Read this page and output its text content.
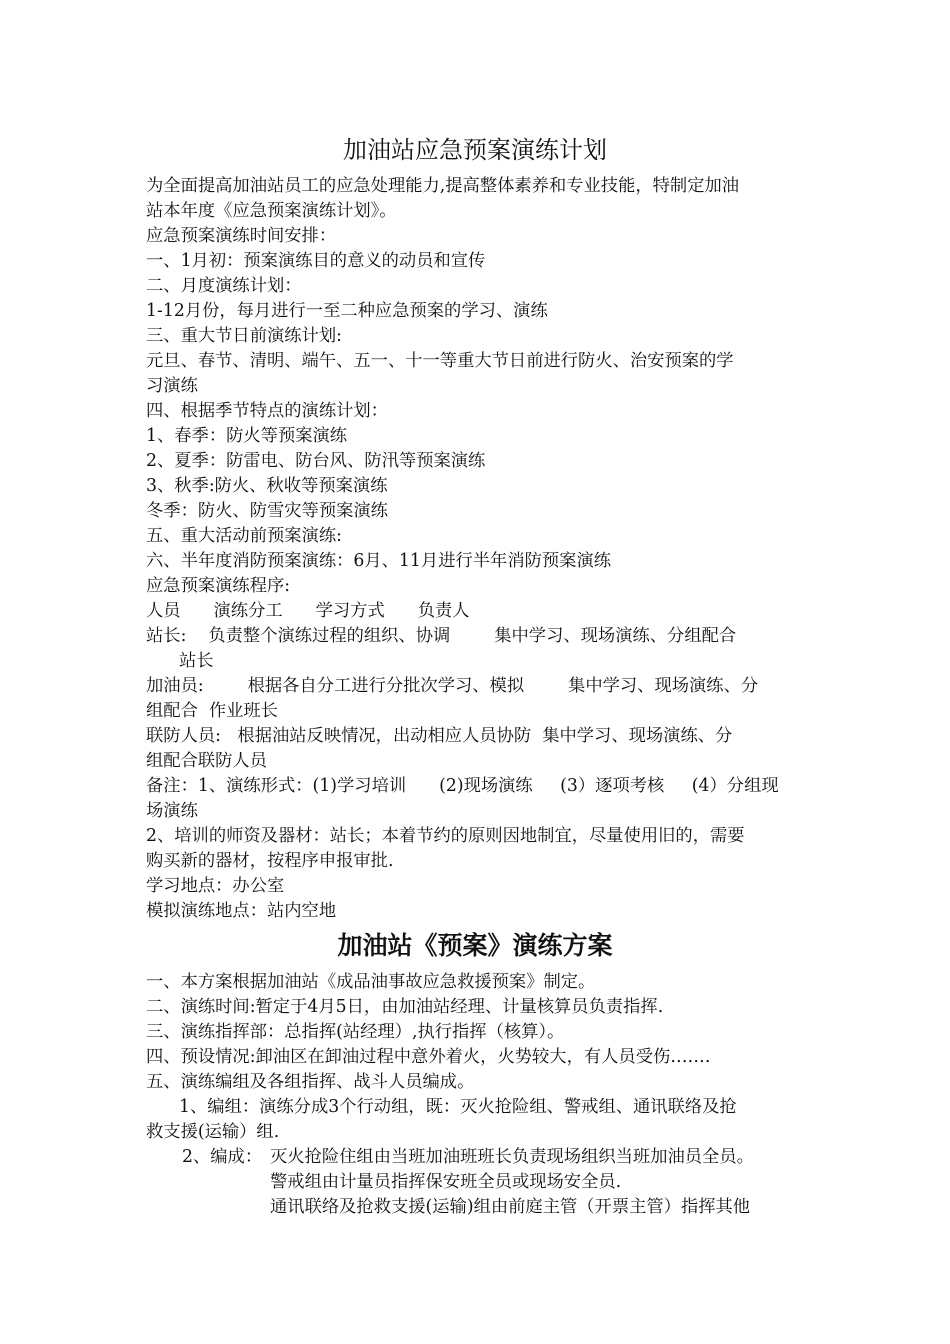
加油站应急预案演练计划

为全面提高加油站员工的应急处理能力,提高整体素养和专业技能，特制定加油

站本年度《应急预案演练计划》。

应急预案演练时间安排：

一、1月初：预案演练目的意义的动员和宣传

二、月度演练计划：

1-12月份，每月进行一至二种应急预案的学习、演练

三、重大节日前演练计划:

元旦、春节、清明、端午、五一、十一等重大节日前进行防火、治安预案的学

习演练

四、根据季节特点的演练计划：

1、春季：防火等预案演练

2、夏季：防雷电、防台风、防汛等预案演练

3、秋季:防火、秋收等预案演练

冬季：防火、防雪灾等预案演练

五、重大活动前预案演练:

六、半年度消防预案演练：6月、11月进行半年消防预案演练

应急预案演练程序:

人员      演练分工      学习方式      负责人

站长:    负责整个演练过程的组织、协调        集中学习、现场演练、分组配合

站长

加油员:        根据各自分工进行分批次学习、模拟        集中学习、现场演练、分

组配合  作业班长

联防人员:   根据油站反映情况，出动相应人员协防  集中学习、现场演练、分

组配合联防人员

备注：1、演练形式：(1)学习培训      (2)现场演练     (3）逐项考核     (4）分组现

场演练

2、培训的师资及器材：站长；本着节约的原则因地制宜，尽量使用旧的，需要

购买新的器材，按程序申报审批.

学习地点：办公室

模拟演练地点：站内空地

加油站《预案》演练方案

一、本方案根据加油站《成品油事故应急救援预案》制定。

二、演练时间:暂定于4月5日，由加油站经理、计量核算员负责指挥.

三、演练指挥部：总指挥(站经理）,执行指挥（核算）。

四、预设情况:卸油区在卸油过程中意外着火，火势较大，有人员受伤…….

五、演练编组及各组指挥、战斗人员编成。

1、编组：演练分成3个行动组，既：灭火抢险组、警戒组、通讯联络及抢

救支援(运输）组.

2、编成： 灭火抢险住组由当班加油班班长负责现场组织当班加油员全员。

警戒组由计量员指挥保安班全员或现场安全员.

通讯联络及抢救支援(运输)组由前庭主管（开票主管）指挥其他
